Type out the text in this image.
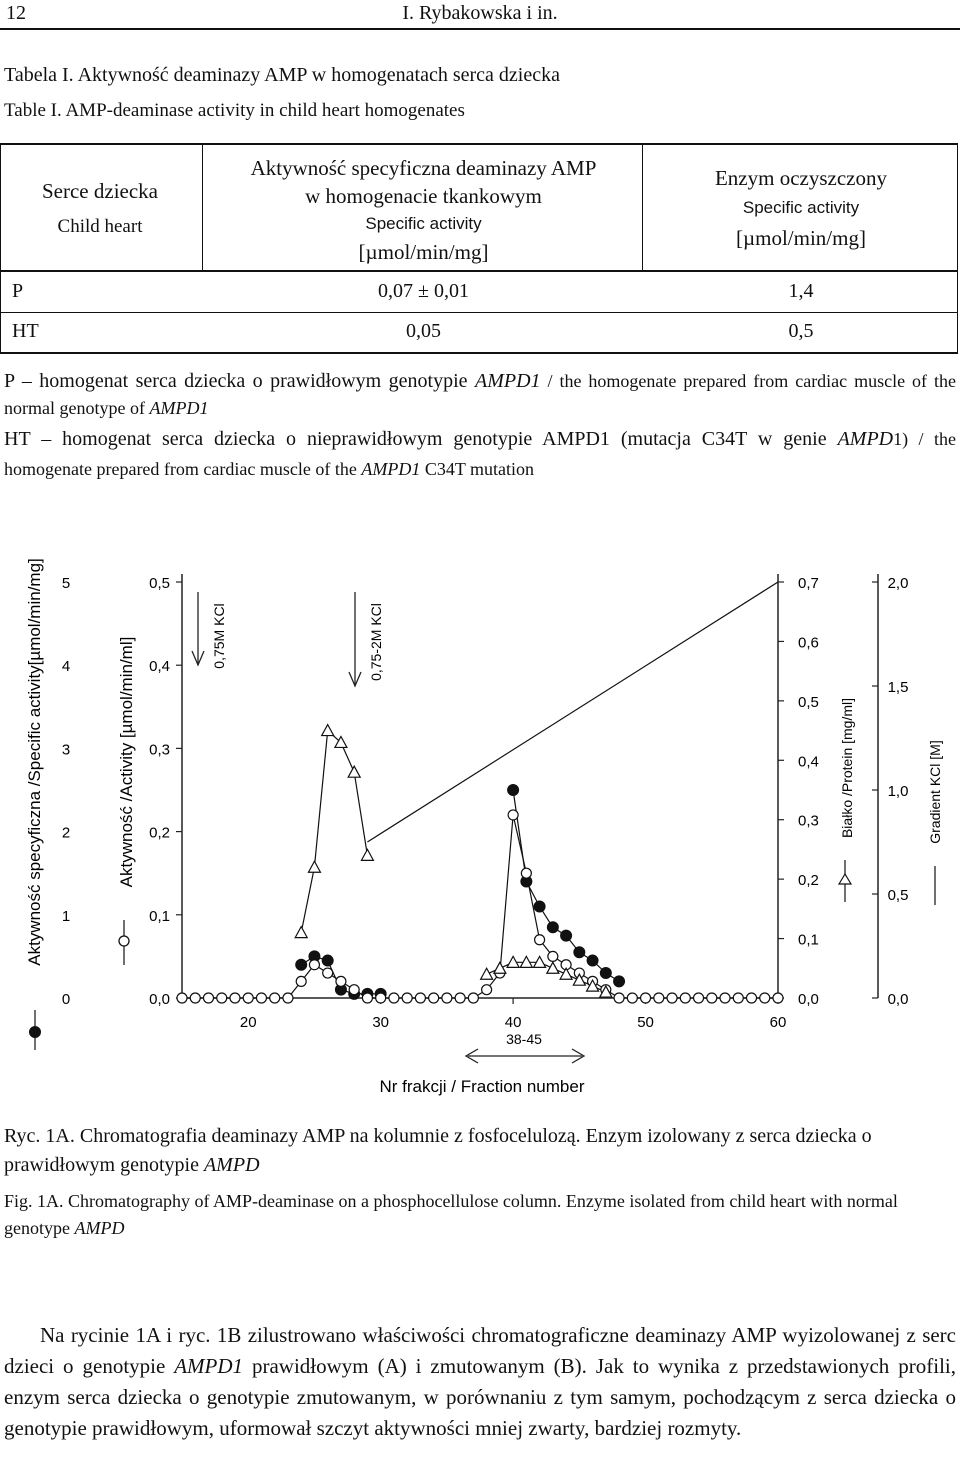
12	I. Rybakowska i in.
Tabela I. Aktywność deaminazy AMP w homogenatach serca dziecka
Table I. AMP-deaminase activity in child heart homogenates
Serce dziecka
Child heart
Aktywność specyficzna deaminazy AMP
w homogenacie tkankowym
Specific activity
[µmol/min/mg]
Enzym oczyszczony
Specific activity
[µmol/min/mg]
P	0,07 ± 0,01	1,4
HT	0,05	0,5
P – homogenat serca dziecka o prawidłowym genotypie AMPD1 / the homogenate prepared from cardiac muscle of the normal genotype of AMPD1
HT – homogenat serca dziecka o nieprawidłowym genotypie AMPD1 (mutacja C34T w genie AMPD1) / the homogenate prepared from cardiac muscle of the AMPD1 C34T mutation
0
1
2
3
4
5
0,0
0,1
0,2
0,3
0,4
0,5
0,0
0,1
0,2
0,3
0,4
0,5
0,6
0,7
0,0
0,5
1,0
1,5
2,0
20	30	40	50	60
Nr frakcji / Fraction number
Aktywność specyficzna /Specific activity[µmol/min/mg]	Aktywność /Activity [µmol/min/ml]	Białko /Protein [mg/ml]	Gradient KCl [M]
0,75M KCl	0,75-2M KCl
38-45
Ryc. 1A. Chromatografia deaminazy AMP na kolumnie z fosfocelulozą. Enzym izolowany z serca dziecka o prawidłowym genotypie AMPD
Fig. 1A. Chromatography of AMP-deaminase on a phosphocellulose column. Enzyme isolated from child heart with normal genotype AMPD
Na rycinie 1A i ryc. 1B zilustrowano właściwości chromatograficzne deaminazy AMP wyizolowanej z serc dzieci o genotypie AMPD1 prawidłowym (A) i zmutowanym (B). Jak to wynika z przedstawionych profili, enzym serca dziecka o genotypie zmutowanym, w porównaniu z tym samym, pochodzącym z serca dziecka o genotypie prawidłowym, uformował szczyt aktywności mniej zwarty, bardziej rozmyty.
